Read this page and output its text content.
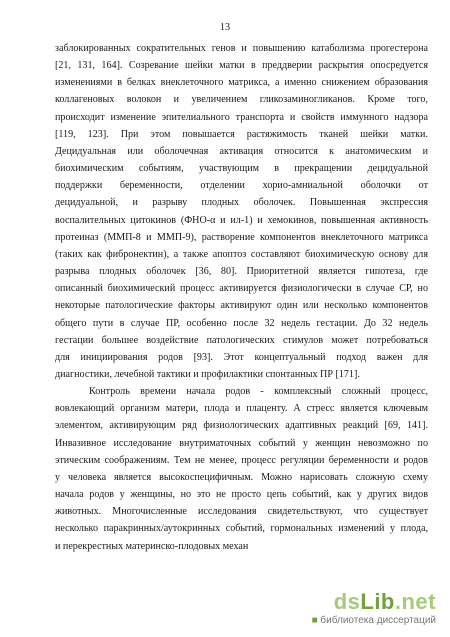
13
заблокированных сократительных генов и повышению катаболизма прогестерона
[21, 131, 164]. Созревание шейки матки в преддверии раскрытия опосредуется
изменениями в белках внеклеточного матрикса, а именно снижением образования
коллагеновых волокон и увеличением гликозаминогликанов. Кроме того,
происходит изменение эпителиального транспорта и свойств иммунного надзора
[119, 123]. При этом повышается растяжимость тканей шейки матки.
Децидуальная или оболочечная активация относится к анатомическим и
биохимическим событиям, участвующим в прекращении децидуальной
поддержки беременности, отделении хорио-амниальной оболочки от
децидуальной, и разрыву плодных оболочек. Повышенная экспрессия
воспалительных цитокинов (ФНО-α и ил-1) и хемокинов, повышенная активность
протеиназ (ММП-8 и ММП-9), растворение компонентов внеклеточного матрикса
(таких как фибронектин), а также апоптоз составляют биохимическую основу для
разрыва плодных оболочек [36, 80]. Приоритетной является гипотеза, где
описанный биохимический процесс активируется физиологически в случае СР, но
некоторые патологические факторы активируют один или несколько компонентов
общего пути в случае ПР, особенно после 32 недель гестации. До 32 недель
гестации большее воздействие патологических стимулов может потребоваться
для инициирования родов [93]. Этот концептуальный подход важен для
диагностики, лечебной тактики и профилактики спонтанных ПР [171].
Контроль времени начала родов - комплексный сложный процесс,
вовлекающий организм матери, плода и плаценту. А стресс является ключевым
элементом, активирующим ряд физиологических адаптивных реакций [69, 141].
Инвазивное исследование внутриматочных событий у женщин невозможно по
этическим соображениям. Тем не менее, процесс регуляции беременности и родов
у человека является высокоспецифичным. Можно нарисовать сложную схему
начала родов у женщины, но это не просто цепь событий, как у других видов
животных. Многочисленные исследования свидетельствуют, что существует
несколько паракринных/аутокринных событий, гормональных изменений у плода,
и перекрестных материнско-плодовых механ
dsLib.net
■ библиотека диссертаций
